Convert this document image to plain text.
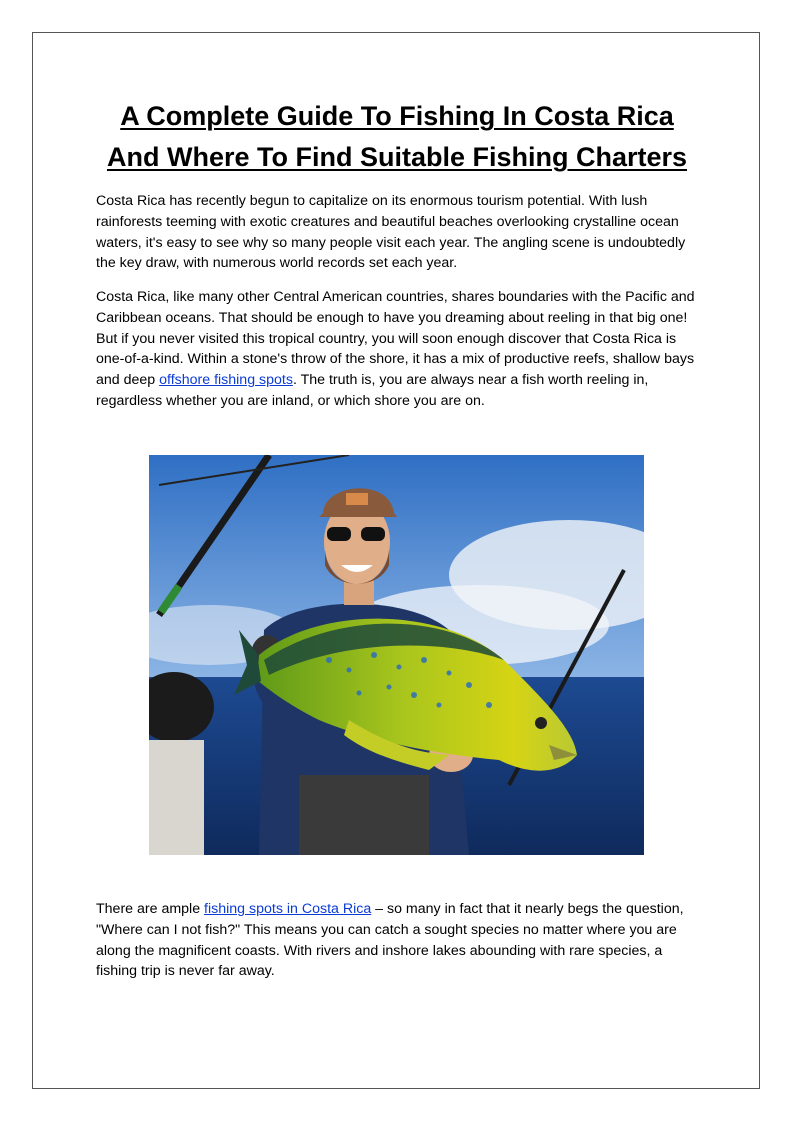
A Complete Guide To Fishing In Costa Rica
And Where To Find Suitable Fishing Charters

Costa Rica has recently begun to capitalize on its enormous tourism potential. With lush rainforests teeming with exotic creatures and beautiful beaches overlooking crystalline ocean waters, it's easy to see why so many people visit each year. The angling scene is undoubtedly the key draw, with numerous world records set each year.

Costa Rica, like many other Central American countries, shares boundaries with the Pacific and Caribbean oceans. That should be enough to have you dreaming about reeling in that big one! But if you never visited this tropical country, you will soon enough discover that Costa Rica is one-of-a-kind. Within a stone's throw of the shore, it has a mix of productive reefs, shallow bays and deep offshore fishing spots. The truth is, you are always near a fish worth reeling in, regardless whether you are inland, or which shore you are on.

There are ample fishing spots in Costa Rica – so many in fact that it nearly begs the question, "Where can I not fish?" This means you can catch a sought species no matter where you are along the magnificent coasts. With rivers and inshore lakes abounding with rare species, a fishing trip is never far away.
